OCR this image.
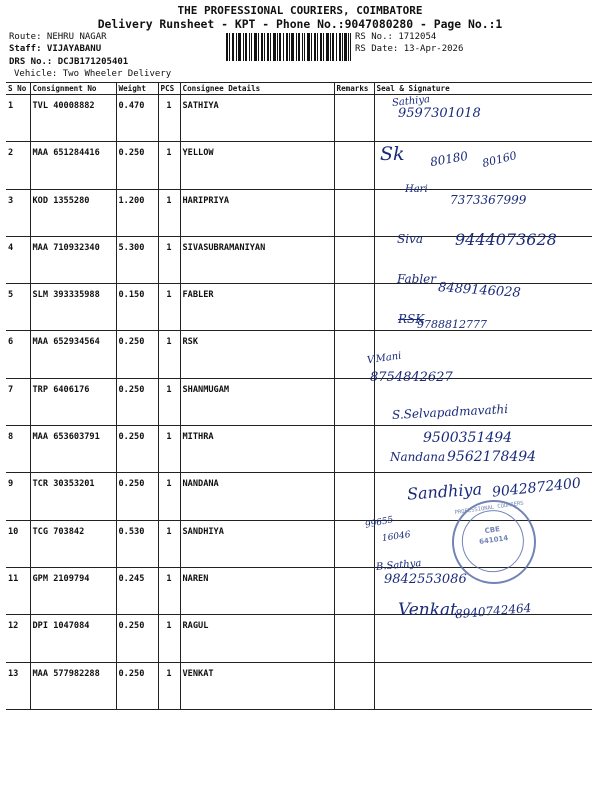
THE PROFESSIONAL COURIERS, COIMBATORE
Delivery Runsheet - KPT - Phone No.:9047080280 - Page No.:1
Route: NEHRU NAGAR
Staff: VIJAYABANU
DRS No.: DCJB171205401
Vehicle: Two Wheeler Delivery
RS No.: 1712054
RS Date: 13-Apr-2026
S No	Consignment No	Weight	PCS	Consignee Details	Remarks	Seal & Signature
1	TVL 40008882	0.470	1	SATHIYA		
2	MAA 651284416	0.250	1	YELLOW		
3	KOD 1355280	1.200	1	HARIPRIYA		
4	MAA 710932340	5.300	1	SIVASUBRAMANIYAN		
5	SLM 393335988	0.150	1	FABLER		
6	MAA 652934564	0.250	1	RSK		
7	TRP 6406176	0.250	1	SHANMUGAM		
8	MAA 653603791	0.250	1	MITHRA		
9	TCR 30353201	0.250	1	NANDANA		
10	TCG 703842	0.530	1	SANDHIYA		
11	GPM 2109794	0.245	1	NAREN		
12	DPI 1047084	0.250	1	RAGUL		
13	MAA 577982288	0.250	1	VENKAT		
Sathiya
9597301018
Sk 80180 80160
Hari
7373367999
Siva 9444073628
Fabler
8489146028
RSK
9788812777
V.Mani
8754842627
S.Selvapadmavathi
9500351494
Nandana 9562178494
Sandhiya 9042872400
99655
16046
B.Sathya
9842553086
Venkat
8940742464
PROFESSIONAL COURIERS
CBE
641014
